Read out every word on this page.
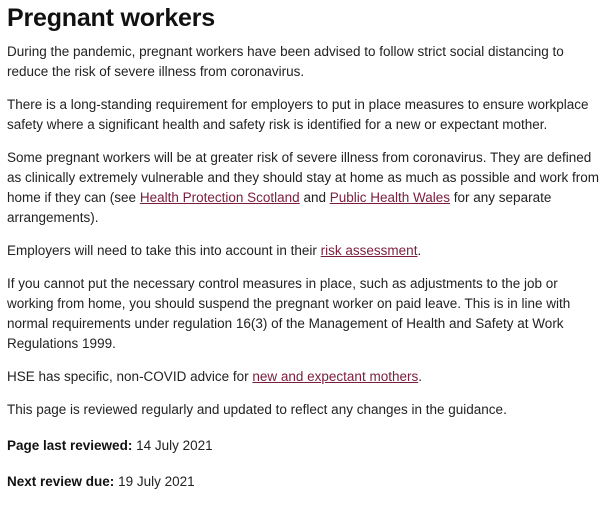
Pregnant workers

During the pandemic, pregnant workers have been advised to follow strict social distancing to reduce the risk of severe illness from coronavirus.

There is a long-standing requirement for employers to put in place measures to ensure workplace safety where a significant health and safety risk is identified for a new or expectant mother.

Some pregnant workers will be at greater risk of severe illness from coronavirus. They are defined as clinically extremely vulnerable and they should stay at home as much as possible and work from home if they can (see Health Protection Scotland and Public Health Wales for any separate arrangements).

Employers will need to take this into account in their risk assessment.

If you cannot put the necessary control measures in place, such as adjustments to the job or working from home, you should suspend the pregnant worker on paid leave. This is in line with normal requirements under regulation 16(3) of the Management of Health and Safety at Work Regulations 1999.

HSE has specific, non-COVID advice for new and expectant mothers.

This page is reviewed regularly and updated to reflect any changes in the guidance.

Page last reviewed: 14 July 2021

Next review due: 19 July 2021
